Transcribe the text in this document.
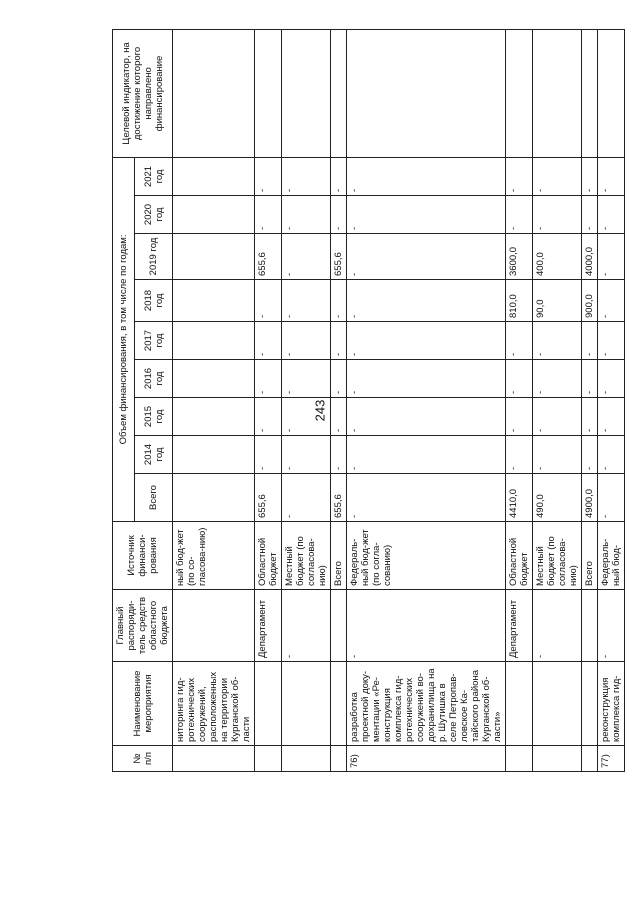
243
№ п/п	Наименование мероприятия	Главный распоряди-тель средств областного бюджета	Источник финанси-рования	Объем финансирования, в том числе по годам:									Целевой индикатор, на достижение которого направлено финансирование
				Всего	2014 год	2015 год	2016 год	2017 год	2018 год	2019 год	2020 год	2021 год	
	ниторинга гид-ротехнических сооружений, расположенных на территории Курганской об-ласти		ный бюд-жет (по со-гласова-нию)										
		Департамент	Областной бюджет	655,6	-	-	-	-	-	655,6	-	-	
		-	Местный бюджет (по согласова-нию)	-	-	-	-	-	-	-	-	-	
			Всего	655,6	-	-	-	-	-	655,6	-	-	
76)	разработка проектной доку-ментации «Ре-конструкция комплекса гид-ротехнических сооружений во-дохранилища на р. Шутишка в селе Петропав-ловское Ка-тайского района Курганской об-ласти»	-	Федераль-ный бюд-жет (по согла-сованию)	-	-	-	-	-	-	-	-	-	
		Департамент	Областной бюджет	4410,0	-	-	-	-	810,0	3600,0	-	-	
		-	Местный бюджет (по согласова-нию)	490,0	-	-	-	-	90,0	400,0	-	-	
			Всего	4900,0	-	-	-	-	900,0	4000,0	-	-	
77)	реконструкция комплекса гид-	-	Федераль-ный бюд-	-	-	-	-	-	-	-	-	-	
